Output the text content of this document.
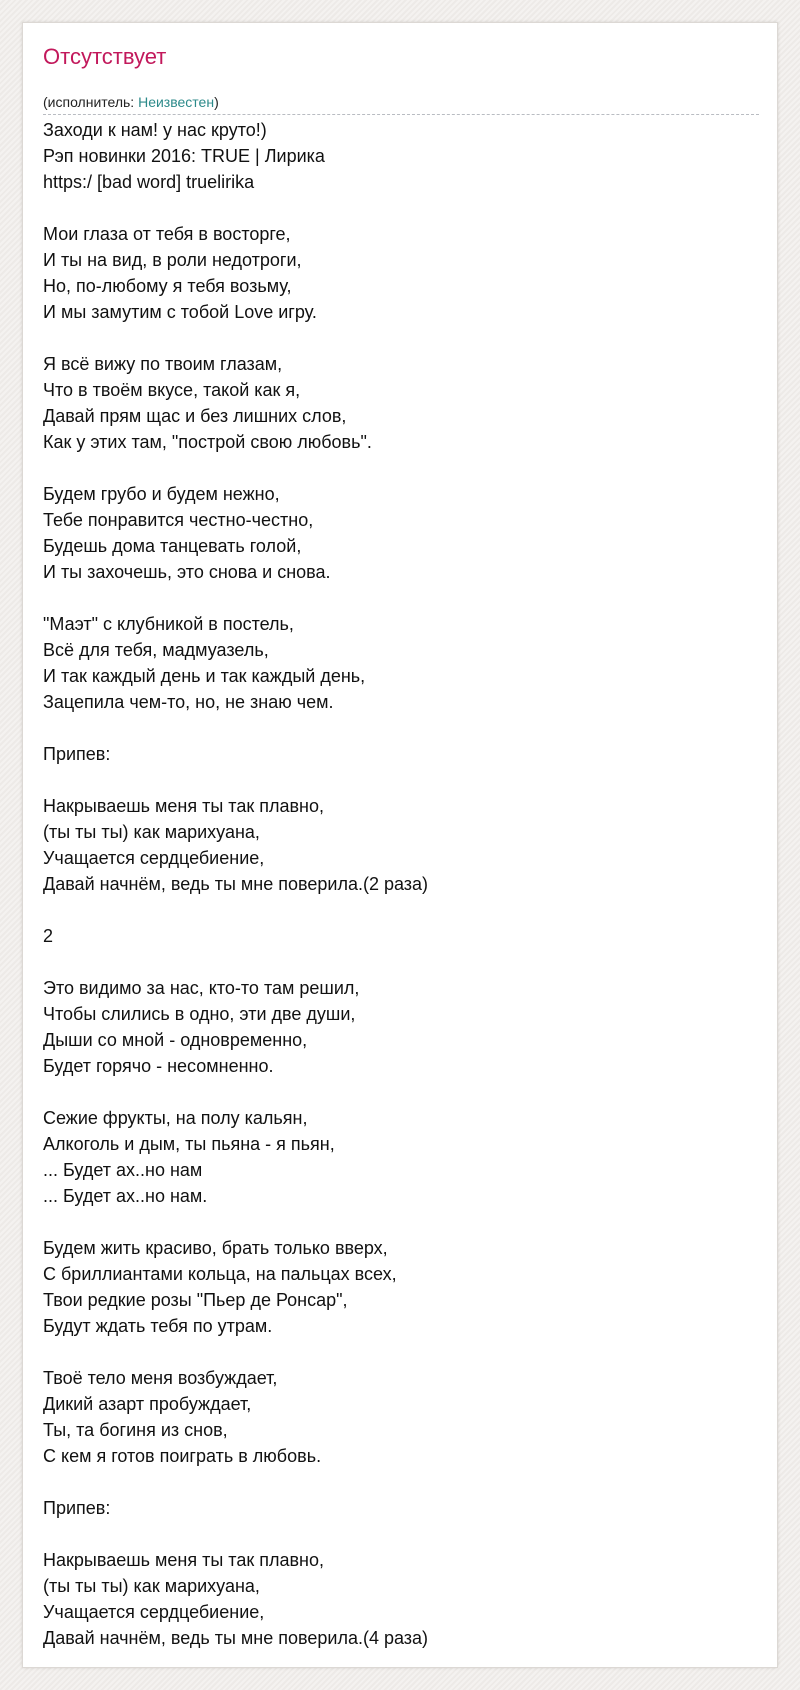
Отсутствует
(исполнитель: Неизвестен)
Заходи к нам! у нас круто!)
Рэп новинки 2016: TRUE | Лирика
https:/ [bad word] truelirika
Мои глаза от тебя в восторге,
И ты на вид, в роли недотроги,
Но, по-любому я тебя возьму,
И мы замутим с тобой Love игру.
Я всё вижу по твоим глазам,
Что в твоём вкусе, такой как я,
Давай прям щас и без лишних слов,
Как у этих там, "построй свою любовь".
Будем грубо и будем нежно,
Тебе понравится честно-честно,
Будешь дома танцевать голой,
И ты захочешь, это снова и снова.
"Маэт" с клубникой в постель,
Всё для тебя, мадмуазель,
И так каждый день и так каждый день,
Зацепила чем-то, но, не знаю чем.
Припев:
Накрываешь меня ты так плавно,
(ты ты ты) как марихуана,
Учащается сердцебиение,
Давай начнём, ведь ты мне поверила.(2 раза)
2
Это видимо за нас, кто-то там решил,
Чтобы слились в одно, эти две души,
Дыши со мной - одновременно,
Будет горячо - несомненно.
Сежие фрукты, на полу кальян,
Алкоголь и дым, ты пьяна - я пьян,
... Будет ах..но нам
... Будет ах..но нам.
Будем жить красиво, брать только вверх,
С бриллиантами кольца, на пальцах всех,
Твои редкие розы "Пьер де Ронсар",
Будут ждать тебя по утрам.
Твоё тело меня возбуждает,
Дикий азарт пробуждает,
Ты, та богиня из снов,
С кем я готов поиграть в любовь.
Припев:
Накрываешь меня ты так плавно,
(ты ты ты) как марихуана,
Учащается сердцебиение,
Давай начнём, ведь ты мне поверила.(4 раза)
